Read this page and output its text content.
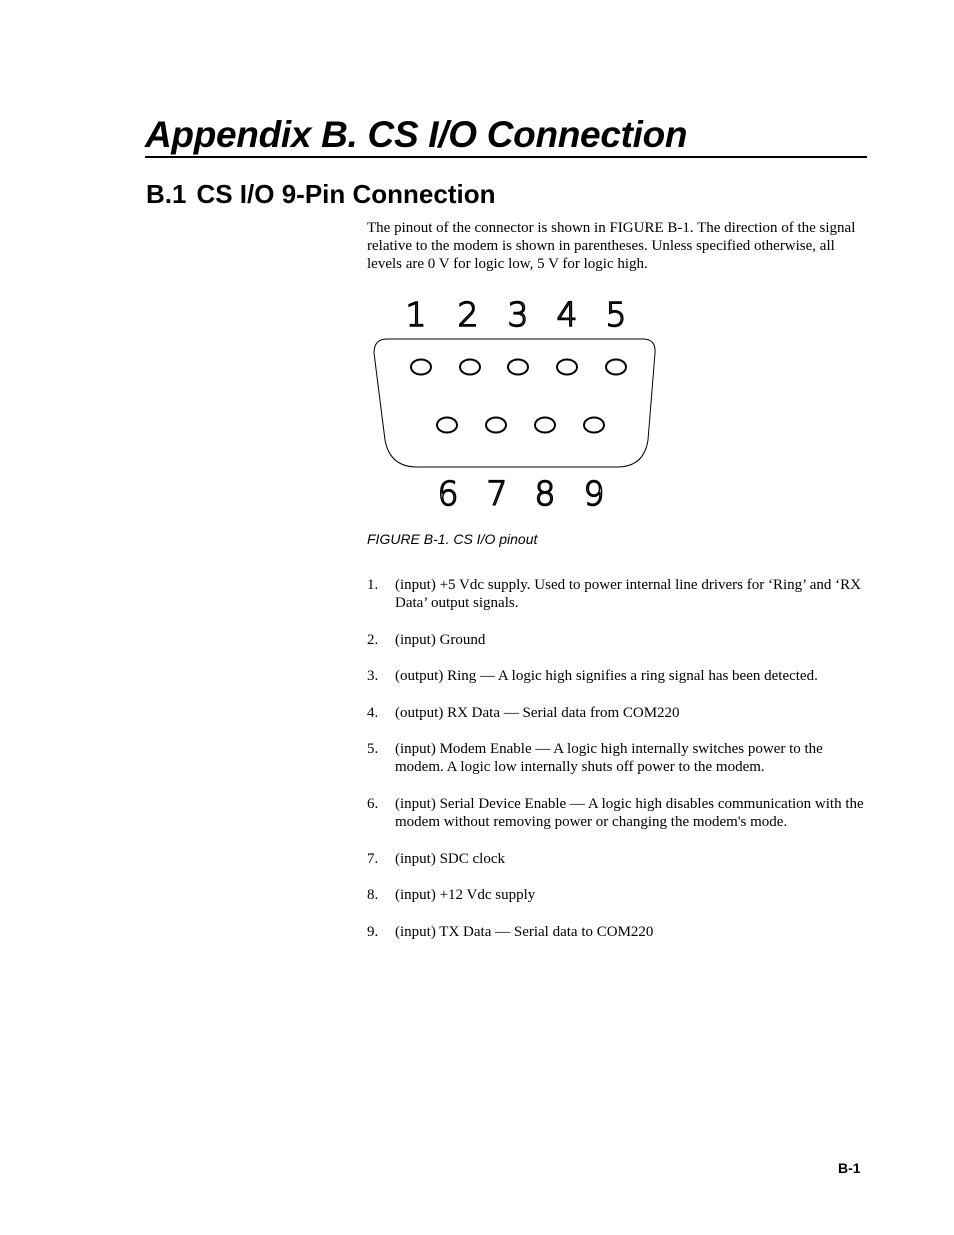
Appendix B. CS I/O Connection
B.1 CS I/O 9-Pin Connection

The pinout of the connector is shown in FIGURE B-1. The direction of the signal relative to the modem is shown in parentheses. Unless specified otherwise, all levels are 0 V for logic low, 5 V for logic high.

1 2 3 4 5
6 7 8 9

FIGURE B-1. CS I/O pinout

1.	(input) +5 Vdc supply. Used to power internal line drivers for ‘Ring’ and ‘RX Data’ output signals.
2.	(input) Ground
3.	(output) Ring — A logic high signifies a ring signal has been detected.
4.	(output) RX Data — Serial data from COM220
5.	(input) Modem Enable — A logic high internally switches power to the modem. A logic low internally shuts off power to the modem.
6.	(input) Serial Device Enable — A logic high disables communication with the modem without removing power or changing the modem's mode.
7.	(input) SDC clock
8.	(input) +12 Vdc supply
9.	(input) TX Data — Serial data to COM220

B-1
